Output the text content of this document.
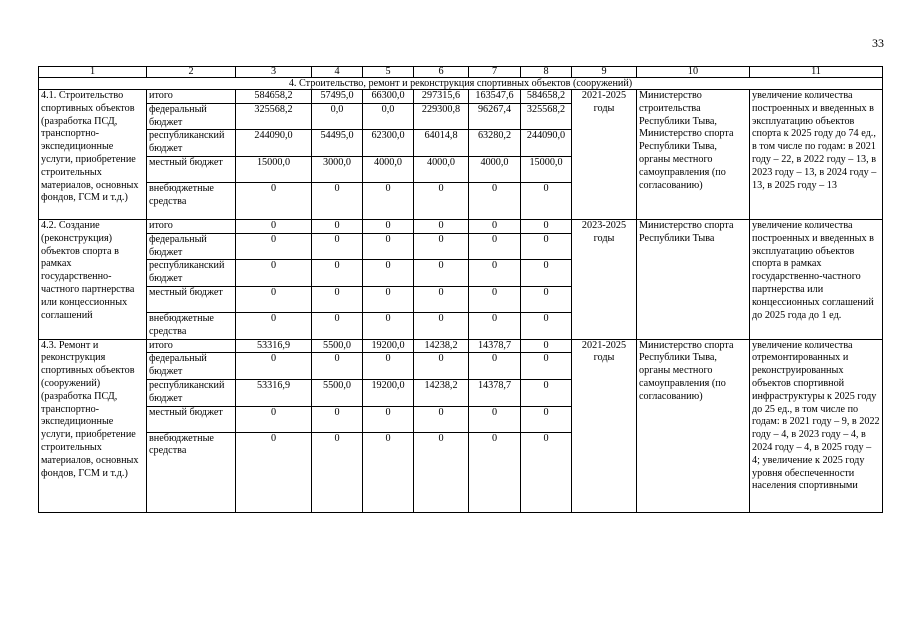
33
1	2	3	4	5	6	7	8	9	10	11
4. Строительство, ремонт и реконструкция спортивных объектов (сооружений)										
4.1. Строительство спортивных объектов (разработка ПСД, транспортно-экспедиционные услуги, приобретение строительных материалов, основных фондов, ГСМ и т.д.)	итого	584658,2	57495,0	66300,0	297315,6	163547,6	584658,2	2021-2025 годы	Министерство строительства Республики Тыва, Министерство спорта Республики Тыва, органы местного самоуправления (по согласованию)	увеличение количества построенных и введенных в эксплуатацию объектов спорта к 2025 году до 74 ед., в том числе по годам: в 2021 году – 22, в 2022 году – 13, в 2023 году – 13, в 2024 году – 13, в 2025 году – 13
	федеральный бюджет	325568,2	0,0	0,0	229300,8	96267,4	325568,2			
	республиканский бюджет	244090,0	54495,0	62300,0	64014,8	63280,2	244090,0			
	местный бюджет	15000,0	3000,0	4000,0	4000,0	4000,0	15000,0			
	внебюджетные средства	0	0	0	0	0	0			
4.2. Создание (реконструкция) объектов спорта в рамках государственно-частного партнерства или концессионных соглашений	итого	0	0	0	0	0	0	2023-2025 годы	Министерство спорта Республики Тыва	увеличение количества построенных и введенных в эксплуатацию объектов спорта в рамках государственно-частного партнерства или концессионных соглашений до 2025 года до 1 ед.
	федеральный бюджет	0	0	0	0	0	0			
	республиканский бюджет	0	0	0	0	0	0			
	местный бюджет	0	0	0	0	0	0			
	внебюджетные средства	0	0	0	0	0	0			
4.3. Ремонт и реконструкция спортивных объектов (сооружений) (разработка ПСД, транспортно-экспедиционные услуги, приобретение строительных материалов, основных фондов, ГСМ и т.д.)	итого	53316,9	5500,0	19200,0	14238,2	14378,7	0	2021-2025 годы	Министерство спорта Республики Тыва, органы местного самоуправления (по согласованию)	увеличение количества отремонтированных и реконструированных объектов спортивной инфраструктуры к 2025 году до 25 ед., в том числе по годам: в 2021 году – 9, в 2022 году – 4, в 2023 году – 4, в 2024 году – 4, в 2025 году – 4; увеличение к 2025 году уровня обеспеченности населения спортивными
	федеральный бюджет	0	0	0	0	0	0			
	республиканский бюджет	53316,9	5500,0	19200,0	14238,2	14378,7	0			
	местный бюджет	0	0	0	0	0	0			
	внебюджетные средства	0	0	0	0	0	0			
